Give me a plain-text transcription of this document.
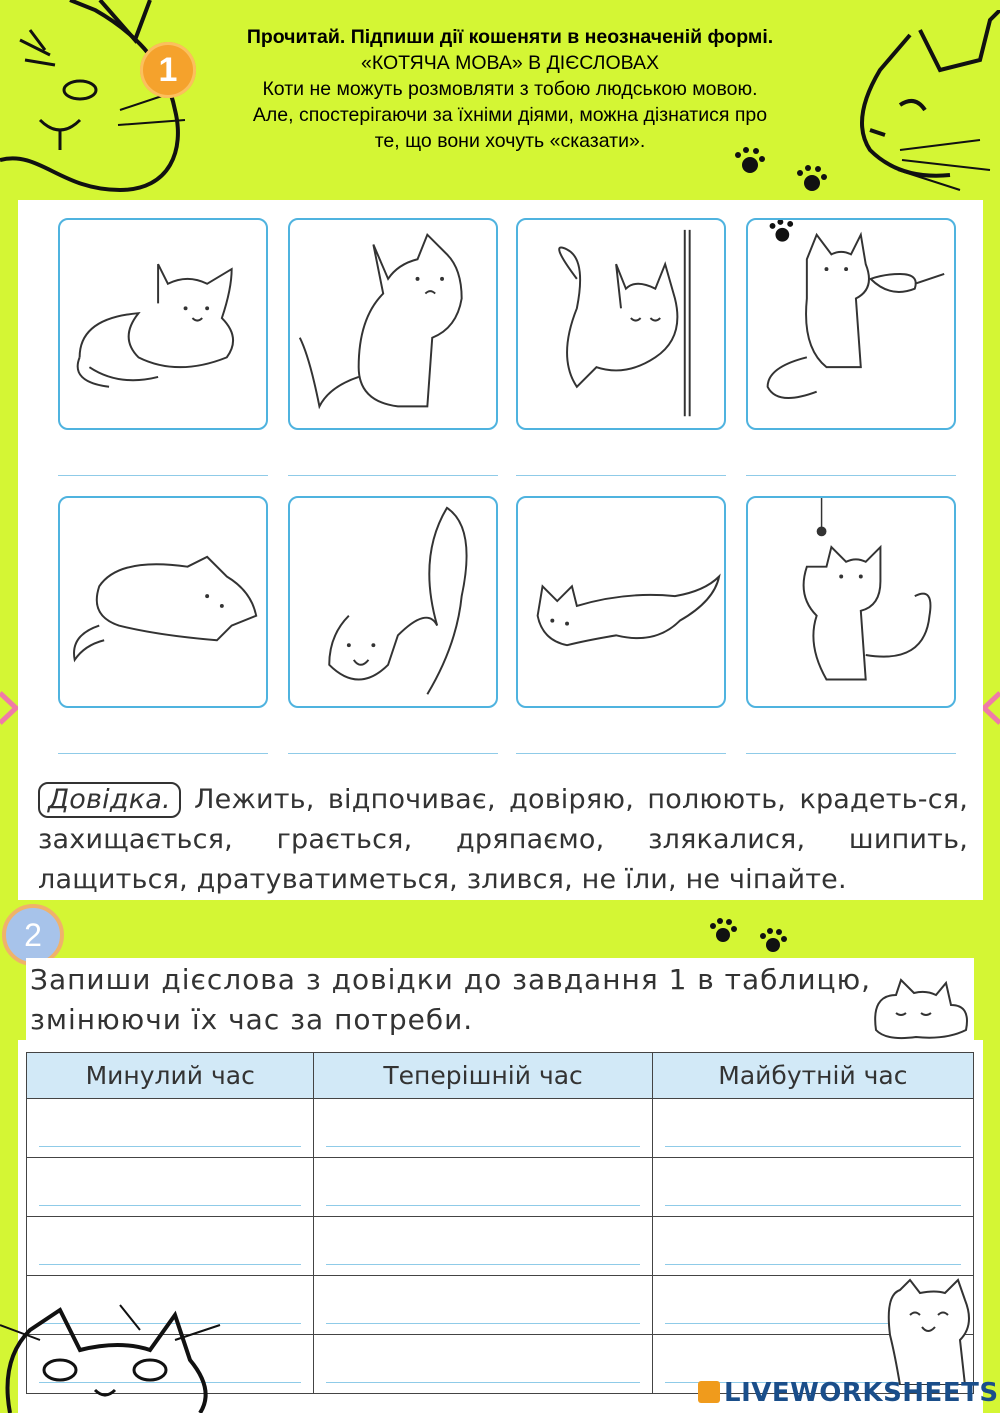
1
Прочитай. Підпиши дії кошеняти в неозначеній формі.
«КОТЯЧА МОВА» В ДІЄСЛОВАХ
Коти не можуть розмовляти з тобою людською мовою.
Але, спостерігаючи за їхніми діями, можна дізнатися про
те, що вони хочуть «сказати».
Довідка. Лежить, відпочиває, довіряю, полюють, крадеть-ся, захищається, грається, дряпаємо, злякалися, шипить, лащиться, дратуватиметься, злився, не їли, не чіпайте.
2
Запиши дієслова з довідки до завдання 1 в таблицю, змінюючи їх час за потреби.
Минулий час	Теперішній час	Майбутній час

LIVEWORKSHEETS
